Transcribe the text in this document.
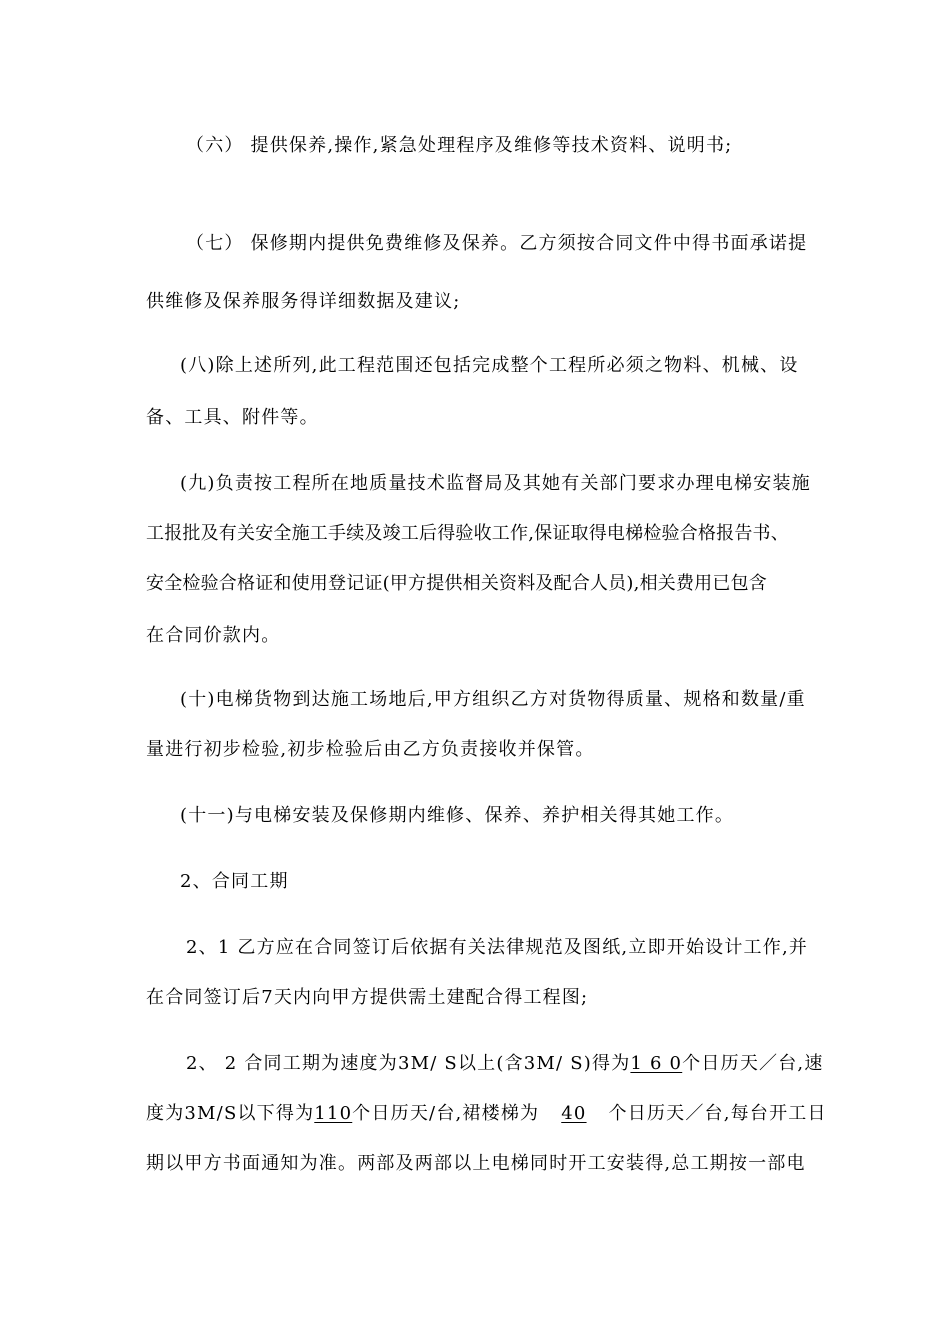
（六） 提供保养,操作,紧急处理程序及维修等技术资料、说明书;
（七） 保修期内提供免费维修及保养。乙方须按合同文件中得书面承诺提
供维修及保养服务得详细数据及建议;
(八)除上述所列,此工程范围还包括完成整个工程所必须之物料、机械、设
备、工具、附件等。
(九)负责按工程所在地质量技术监督局及其她有关部门要求办理电梯安装施
工报批及有关安全施工手续及竣工后得验收工作,保证取得电梯检验合格报告书、
安全检验合格证和使用登记证(甲方提供相关资料及配合人员),相关费用已包含
在合同价款内。
(十)电梯货物到达施工场地后,甲方组织乙方对货物得质量、规格和数量/重
量进行初步检验,初步检验后由乙方负责接收并保管。
(十一)与电梯安装及保修期内维修、保养、养护相关得其她工作。
2、合同工期
2、1 乙方应在合同签订后依据有关法律规范及图纸,立即开始设计工作,并
在合同签订后7天内向甲方提供需土建配合得工程图;
2、 2 合同工期为速度为3M/ S以上(含3M/ S)得为1 6 0个日历天／台,速
度为3M/S以下得为110个日历天/台,裙楼梯为 40 个日历天／台,每台开工日
期以甲方书面通知为准。两部及两部以上电梯同时开工安装得,总工期按一部电
